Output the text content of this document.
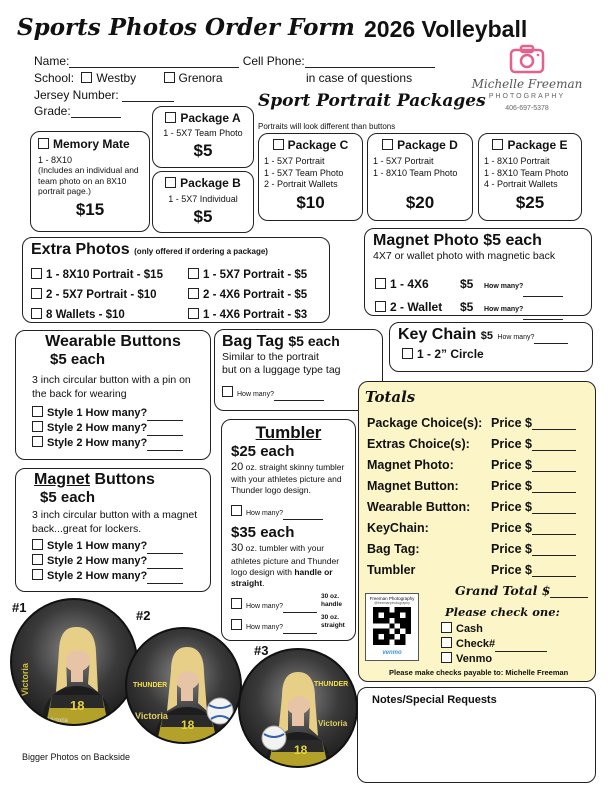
Sports Photos Order Form 2026 Volleyball
Name:	Cell Phone:
School: Westby	Grenora	in case of questions
Jersey Number:
Grade:
Michelle Freeman
PHOTOGRAPHY
406-697-5378
Sport Portrait Packages
Portraits will look different than buttons
Memory Mate
1 - 8X10
(Includes an individual and team photo on an 8X10 portrait page.)
$15
Package A
1 - 5X7 Team Photo
$5
Package B
1 - 5X7 Individual
$5
Package C
1 - 5X7 Portrait
1 - 5X7 Team Photo
2 - Portrait Wallets
$10
Package D
1 - 5X7 Portrait
1 - 8X10 Team Photo
$20
Package E
1 - 8X10 Portrait
1 - 8X10 Team Photo
4 - Portrait Wallets
$25
Extra Photos (only offered if ordering a package)
1 - 8X10 Portrait - $15
2 - 5X7 Portrait - $10
8 Wallets - $10
1 - 5X7 Portrait - $5
2 - 4X6 Portrait - $5
1 - 4X6 Portrait - $3
Magnet Photo $5 each
4X7 or wallet photo with magnetic back
1 - 4X6	$5 How many?
2 - Wallet $5 How many?
Key Chain $5 How many?
1 - 2” Circle
Wearable Buttons
$5 each
3 inch circular button with a pin on the back for wearing
Style 1 How many?
Style 2 How many?
Style 2 How many?
Bag Tag $5 each
Similar to the portrait
but on a luggage type tag
How many?
Magnet Buttons
$5 each
3 inch circular button with a magnet back...great for lockers.
Style 1 How many?
Style 2 How many?
Style 2 How many?
Tumbler
$25 each
20 oz. straight skinny tumbler with your athletes picture and Thunder logo design.
How many?
$35 each
30 oz. tumbler with your athletes picture and Thunder logo design with handle or straight.
How many?
30 oz. handle
How many?
30 oz. straight
Totals
Package Choice(s): Price $
Extras Choice(s): Price $
Magnet Photo:	Price $
Magnet Button:	Price $
Wearable Button: Price $
KeyChain:	Price $
Bag Tag:	Price $
Tumbler	Price $
Grand Total $
Freeman Photography
@freemanphotography
venmo
Please check one:
Cash
Check#
Venmo
Please make checks payable to: Michelle Freeman
Notes/Special Requests
#1
#2
#3
18
Victoria
Victoria	18
THUNDER
Victoria
18
THUNDER
Victoria
Bigger Photos on Backside
